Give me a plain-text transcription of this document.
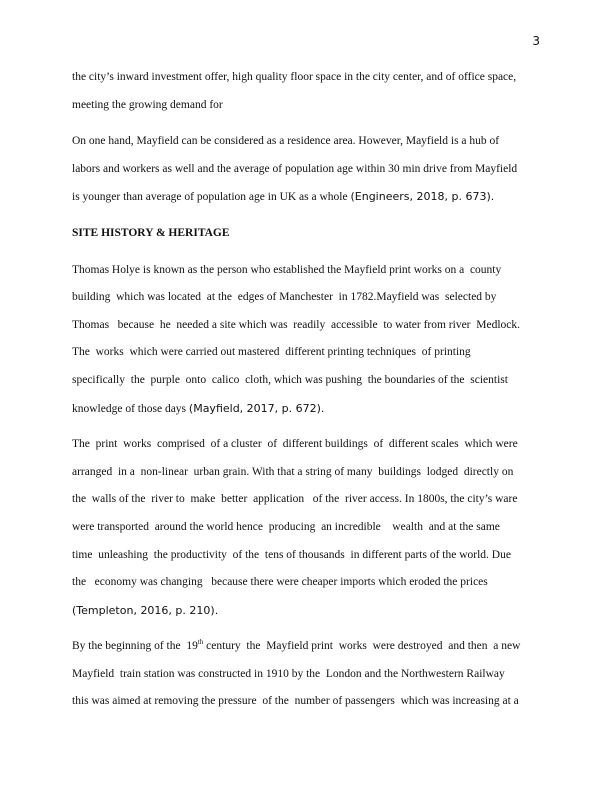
3
the city’s inward investment offer, high quality floor space in the city center, and of office space,
meeting the growing demand for
On one hand, Mayfield can be considered as a residence area. However, Mayfield is a hub of
labors and workers as well and the average of population age within 30 min drive from Mayfield
is younger than average of population age in UK as a whole (Engineers, 2018, p. 673).
SITE HISTORY & HERITAGE
Thomas Holye is known as the person who established the Mayfield print works on a  county
building  which was located  at the  edges of Manchester  in 1782.Mayfield was  selected by
Thomas   because  he  needed a site which was  readily  accessible  to water from river  Medlock.
The  works  which were carried out mastered  different printing techniques  of printing
specifically  the  purple  onto  calico  cloth, which was pushing  the boundaries of the  scientist
knowledge of those days (Mayfield, 2017, p. 672).
The  print  works  comprised  of a cluster  of  different buildings  of  different scales  which were
arranged  in a  non-linear  urban grain. With that a string of many  buildings  lodged  directly on
the  walls of the  river to  make  better  application   of the  river access. In 1800s, the city’s ware
were transported  around the world hence  producing  an incredible    wealth  and at the same
time  unleashing  the productivity  of the  tens of thousands  in different parts of the world. Due
the   economy was changing   because there were cheaper imports which eroded the prices
(Templeton, 2016, p. 210).
By the beginning of the  19th century  the  Mayfield print  works  were destroyed  and then  a new
Mayfield  train station was constructed in 1910 by the  London and the Northwestern Railway
this was aimed at removing the pressure  of the  number of passengers  which was increasing at a
